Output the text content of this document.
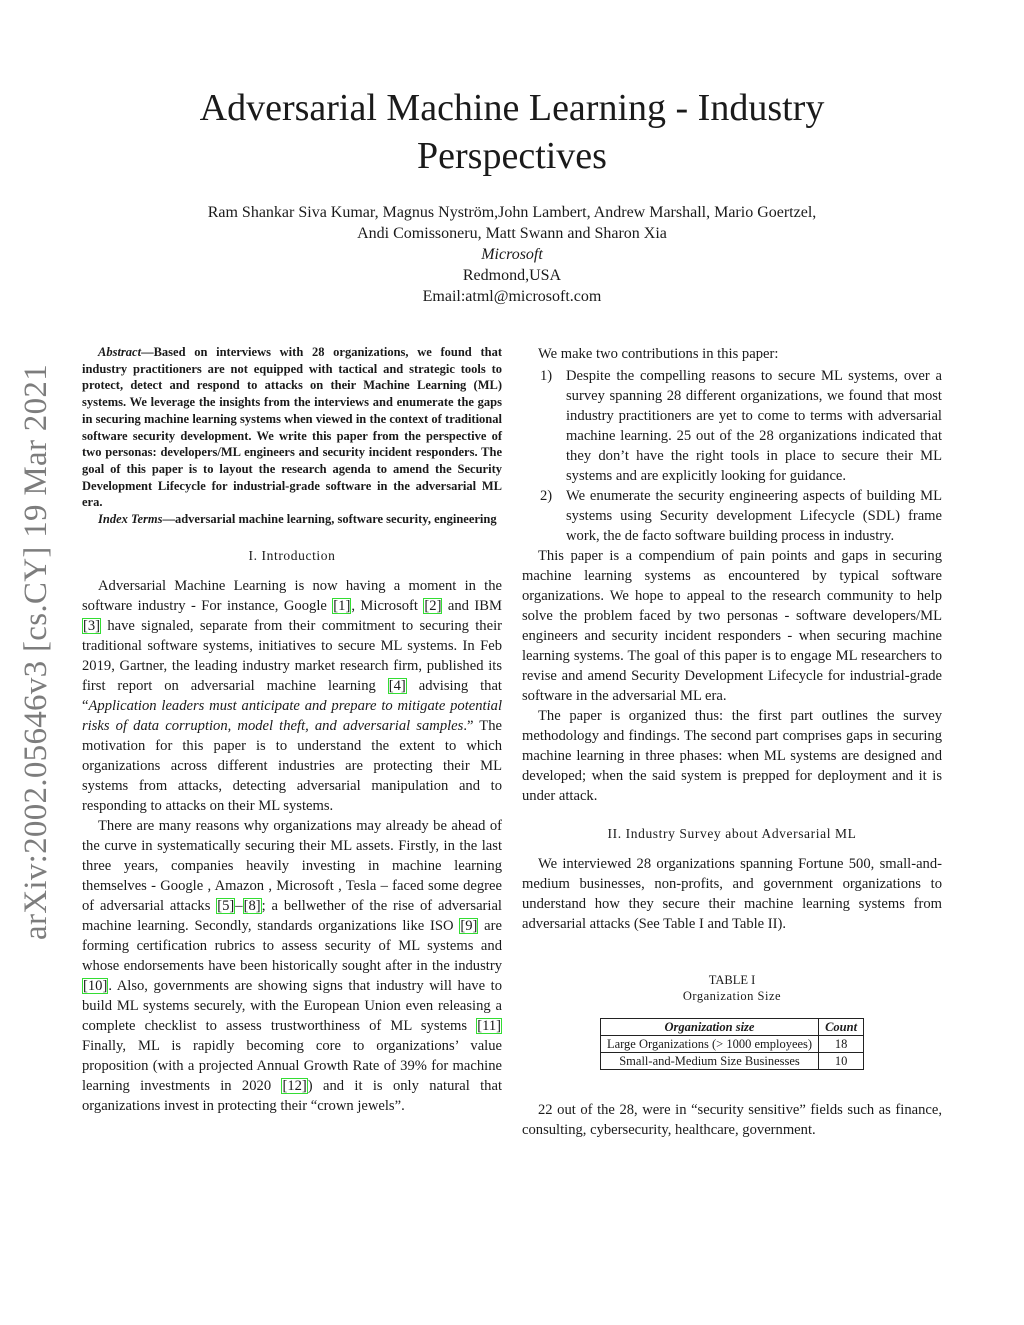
arXiv:2002.05646v3 [cs.CY] 19 Mar 2021
Adversarial Machine Learning - Industry Perspectives
Ram Shankar Siva Kumar, Magnus Nyström,John Lambert, Andrew Marshall, Mario Goertzel,
Andi Comissoneru, Matt Swann and Sharon Xia
Microsoft
Redmond,USA
Email:atml@microsoft.com

Abstract—Based on interviews with 28 organizations, we found that industry practitioners are not equipped with tactical and strategic tools to protect, detect and respond to attacks on their Machine Learning (ML) systems. We leverage the insights from the interviews and enumerate the gaps in securing machine learning systems when viewed in the context of traditional software security development. We write this paper from the perspective of two personas: developers/ML engineers and security incident responders. The goal of this paper is to layout the research agenda to amend the Security Development Lifecycle for industrial-grade software in the adversarial ML era.

Index Terms—adversarial machine learning, software security, engineering

I. Introduction

Adversarial Machine Learning is now having a moment in the software industry - For instance, Google [1], Microsoft [2] and IBM [3] have signaled, separate from their commitment to securing their traditional software systems, initiatives to secure ML systems. In Feb 2019, Gartner, the leading industry market research firm, published its first report on adversarial machine learning [4] advising that “Application leaders must anticipate and prepare to mitigate potential risks of data corruption, model theft, and adversarial samples.” The motivation for this paper is to understand the extent to which organizations across different industries are protecting their ML systems from attacks, detecting adversarial manipulation and to responding to attacks on their ML systems.

There are many reasons why organizations may already be ahead of the curve in systematically securing their ML assets. Firstly, in the last three years, companies heavily investing in machine learning themselves - Google , Amazon , Microsoft , Tesla – faced some degree of adversarial attacks [5]–[8]; a bellwether of the rise of adversarial machine learning. Secondly, standards organizations like ISO [9] are forming certification rubrics to assess security of ML systems and whose endorsements have been historically sought after in the industry [10]. Also, governments are showing signs that industry will have to build ML systems securely, with the European Union even releasing a complete checklist to assess trustworthiness of ML systems [11] Finally, ML is rapidly becoming core to organizations’ value proposition (with a projected Annual Growth Rate of 39% for machine learning investments in 2020 [12]) and it is only natural that organizations invest in protecting their “crown jewels”.

We make two contributions in this paper:

1) Despite the compelling reasons to secure ML systems, over a survey spanning 28 different organizations, we found that most industry practitioners are yet to come to terms with adversarial machine learning. 25 out of the 28 organizations indicated that they don’t have the right tools in place to secure their ML systems and are explicitly looking for guidance.
2) We enumerate the security engineering aspects of building ML systems using Security development Lifecycle (SDL) frame work, the de facto software building process in industry.

This paper is a compendium of pain points and gaps in securing machine learning systems as encountered by typical software organizations. We hope to appeal to the research community to help solve the problem faced by two personas - software developers/ML engineers and security incident responders - when securing machine learning systems. The goal of this paper is to engage ML researchers to revise and amend Security Development Lifecycle for industrial-grade software in the adversarial ML era.

The paper is organized thus: the first part outlines the survey methodology and findings. The second part comprises gaps in securing machine learning in three phases: when ML systems are designed and developed; when the said system is prepped for deployment and it is under attack.

II. Industry Survey about Adversarial ML

We interviewed 28 organizations spanning Fortune 500, small-and-medium businesses, non-profits, and government organizations to understand how they secure their machine learning systems from adversarial attacks (See Table I and Table II).

TABLE I
Organization Size
Organization size	Count
Large Organizations (> 1000 employees)	18
Small-and-Medium Size Businesses	10

22 out of the 28, were in “security sensitive” fields such as finance, consulting, cybersecurity, healthcare, government.
